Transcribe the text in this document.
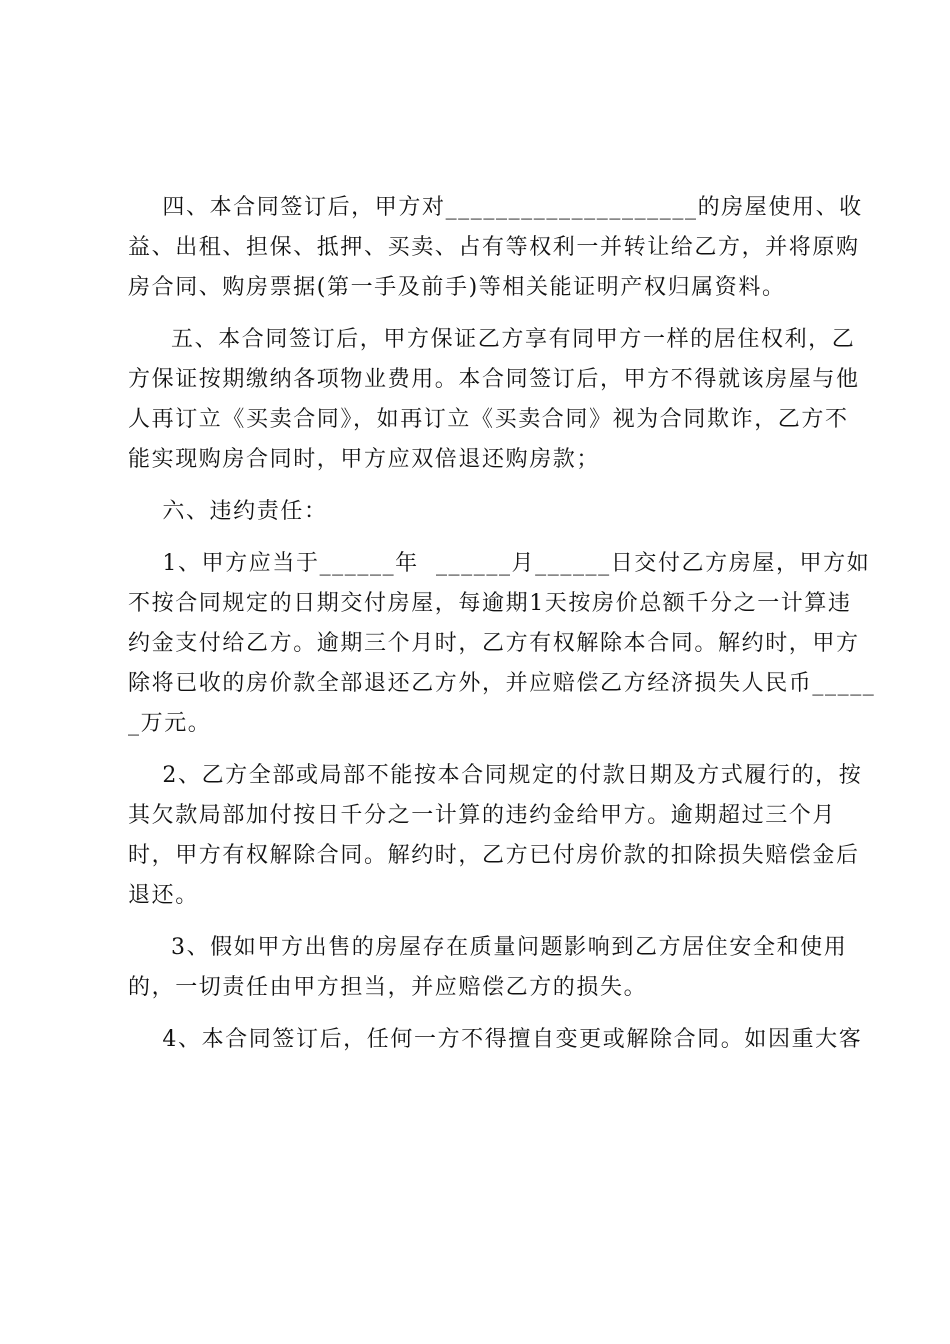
四、本合同签订后，甲方对____________________的房屋使用、收
益、出租、担保、抵押、买卖、占有等权利一并转让给乙方，并将原购
房合同、购房票据(第一手及前手)等相关能证明产权归属资料。
五、本合同签订后，甲方保证乙方享有同甲方一样的居住权利，乙
方保证按期缴纳各项物业费用。本合同签订后，甲方不得就该房屋与他
人再订立《买卖合同》，如再订立《买卖合同》视为合同欺诈，乙方不
能实现购房合同时，甲方应双倍退还购房款；
六、违约责任：
1、甲方应当于______年  ______月______日交付乙方房屋，甲方如
不按合同规定的日期交付房屋，每逾期1天按房价总额千分之一计算违
约金支付给乙方。逾期三个月时，乙方有权解除本合同。解约时，甲方
除将已收的房价款全部退还乙方外，并应赔偿乙方经济损失人民币_____
_万元。
2、乙方全部或局部不能按本合同规定的付款日期及方式履行的，按
其欠款局部加付按日千分之一计算的违约金给甲方。逾期超过三个月
时，甲方有权解除合同。解约时，乙方已付房价款的扣除损失赔偿金后
退还。
3、假如甲方出售的房屋存在质量问题影响到乙方居住安全和使用
的，一切责任由甲方担当，并应赔偿乙方的损失。
4、本合同签订后，任何一方不得擅自变更或解除合同。如因重大客
